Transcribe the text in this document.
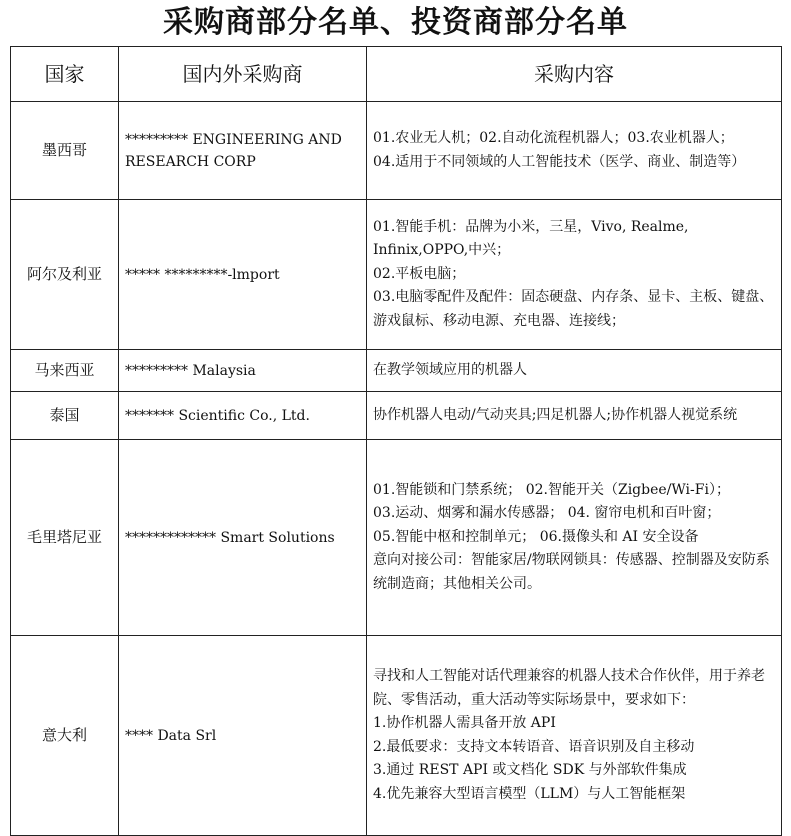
采购商部分名单、投资商部分名单
国家	国内外采购商	采购内容
墨西哥	********* ENGINEERING AND RESEARCH CORP	01.农业无人机；02.自动化流程机器人；03.农业机器人；
04.适用于不同领域的人工智能技术（医学、商业、制造等）

阿尔及利亚	***** *********-lmport	01.智能手机：品牌为小米，三星，Vivo, Realme, Infinix,OPPO,中兴；
02.平板电脑；
03.电脑零配件及配件：固态硬盘、内存条、显卡、主板、键盘、游戏鼠标、移动电源、充电器、连接线；

马来西亚	********* Malaysia	在教学领域应用的机器人

泰国	******* Scientific Co., Ltd.	协作机器人电动/气动夹具;四足机器人;协作机器人视觉系统

毛里塔尼亚	************* Smart Solutions	01.智能锁和门禁系统； 02.智能开关（Zigbee/Wi-Fi）；
03.运动、烟雾和漏水传感器； 04. 窗帘电机和百叶窗；
05.智能中枢和控制单元； 06.摄像头和 AI 安全设备
意向对接公司：智能家居/物联网锁具：传感器、控制器及安防系统制造商；其他相关公司。

意大利	**** Data Srl	寻找和人工智能对话代理兼容的机器人技术合作伙伴，用于养老院、零售活动，重大活动等实际场景中，要求如下：
1.协作机器人需具备开放 API
2.最低要求：支持文本转语音、语音识别及自主移动
3.通过 REST API 或文档化 SDK 与外部软件集成
4.优先兼容大型语言模型（LLM）与人工智能框架
